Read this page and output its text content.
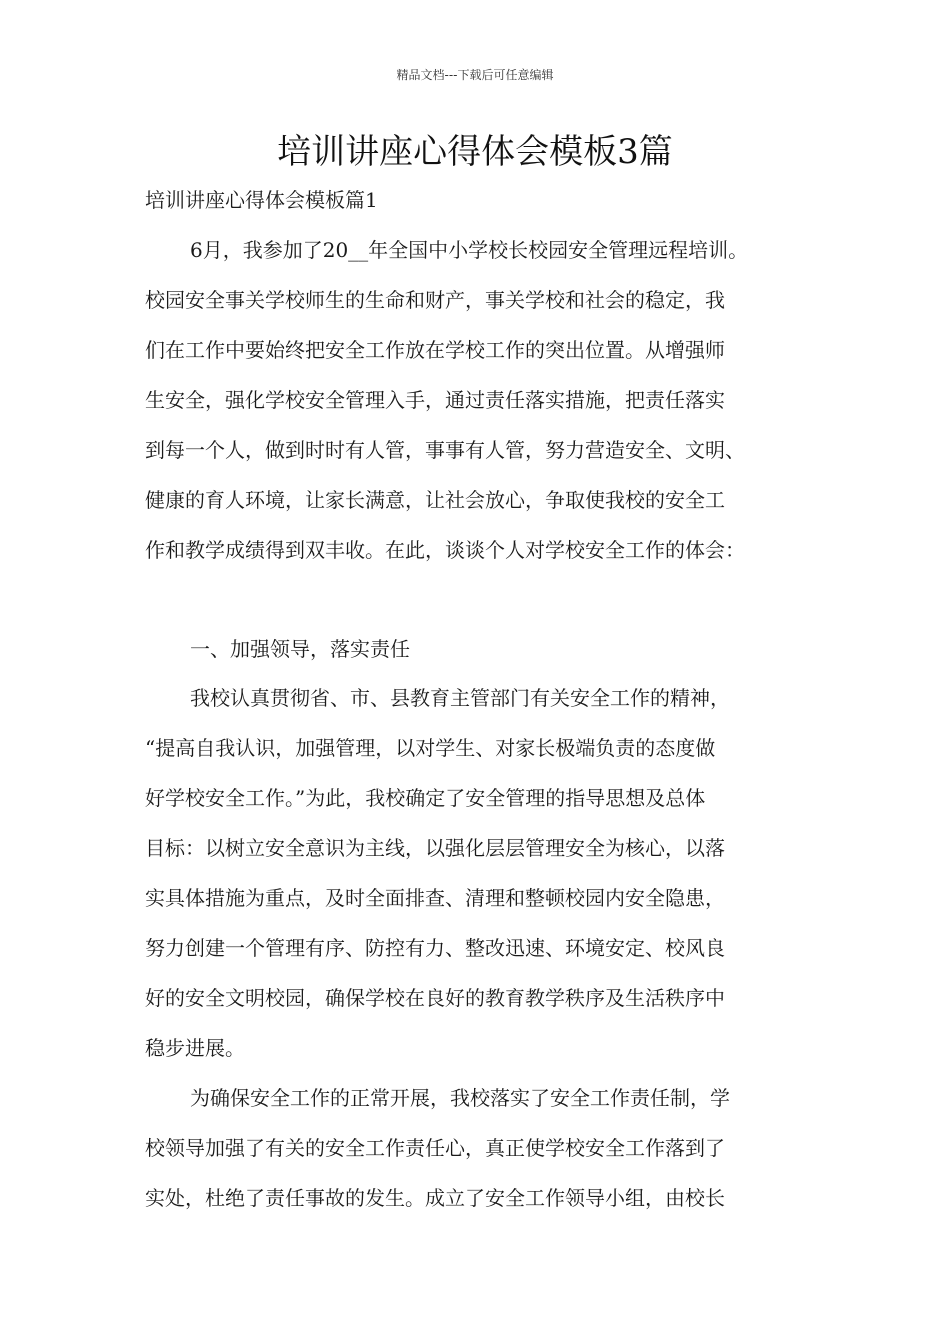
精品文档---下载后可任意编辑
培训讲座心得体会模板3篇
培训讲座心得体会模板篇1
6月，我参加了20__年全国中小学校长校园安全管理远程培训。
校园安全事关学校师生的生命和财产，事关学校和社会的稳定，我
们在工作中要始终把安全工作放在学校工作的突出位置。从增强师
生安全，强化学校安全管理入手，通过责任落实措施，把责任落实
到每一个人，做到时时有人管，事事有人管，努力营造安全、文明、
健康的育人环境，让家长满意，让社会放心，争取使我校的安全工
作和教学成绩得到双丰收。在此，谈谈个人对学校安全工作的体会：
一、加强领导，落实责任
我校认真贯彻省、市、县教育主管部门有关安全工作的精神，
“提高自我认识，加强管理，以对学生、对家长极端负责的态度做
好学校安全工作。”为此，我校确定了安全管理的指导思想及总体
目标：以树立安全意识为主线，以强化层层管理安全为核心，以落
实具体措施为重点，及时全面排查、清理和整顿校园内安全隐患，
努力创建一个管理有序、防控有力、整改迅速、环境安定、校风良
好的安全文明校园，确保学校在良好的教育教学秩序及生活秩序中
稳步进展。
为确保安全工作的正常开展，我校落实了安全工作责任制，学
校领导加强了有关的安全工作责任心，真正使学校安全工作落到了
实处，杜绝了责任事故的发生。成立了安全工作领导小组，由校长
